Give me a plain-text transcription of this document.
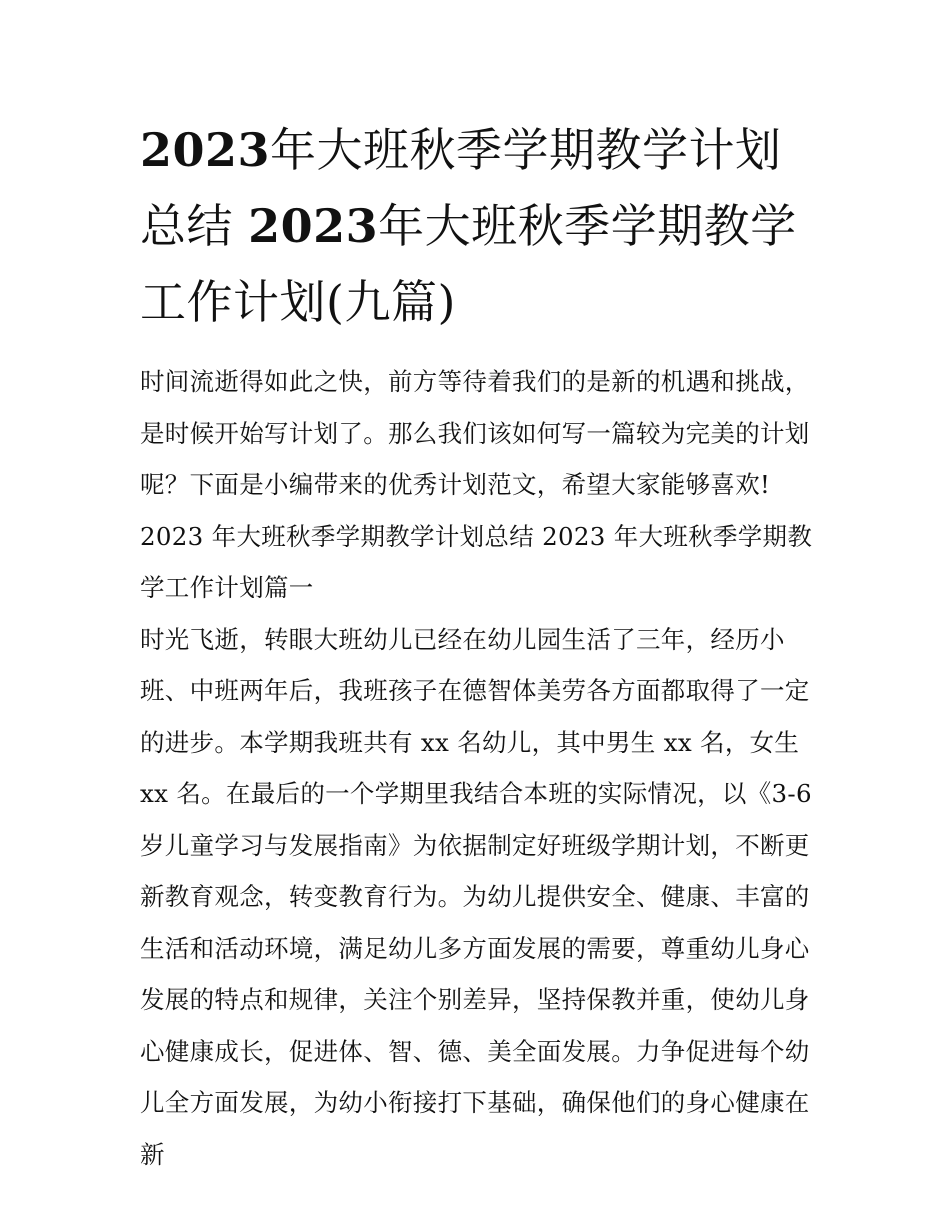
2023年大班秋季学期教学计划总结 2023年大班秋季学期教学工作计划(九篇)

时间流逝得如此之快，前方等待着我们的是新的机遇和挑战，是时候开始写计划了。那么我们该如何写一篇较为完美的计划呢？下面是小编带来的优秀计划范文，希望大家能够喜欢!

2023 年大班秋季学期教学计划总结 2023 年大班秋季学期教学工作计划篇一

时光飞逝，转眼大班幼儿已经在幼儿园生活了三年，经历小班、中班两年后，我班孩子在德智体美劳各方面都取得了一定的进步。本学期我班共有 xx 名幼儿，其中男生 xx 名，女生 xx 名。在最后的一个学期里我结合本班的实际情况，以《3-6 岁儿童学习与发展指南》为依据制定好班级学期计划，不断更新教育观念，转变教育行为。为幼儿提供安全、健康、丰富的生活和活动环境，满足幼儿多方面发展的需要，尊重幼儿身心发展的特点和规律，关注个别差异，坚持保教并重，使幼儿身心健康成长，促进体、智、德、美全面发展。力争促进每个幼儿全方面发展，为幼小衔接打下基础，确保他们的身心健康在新
